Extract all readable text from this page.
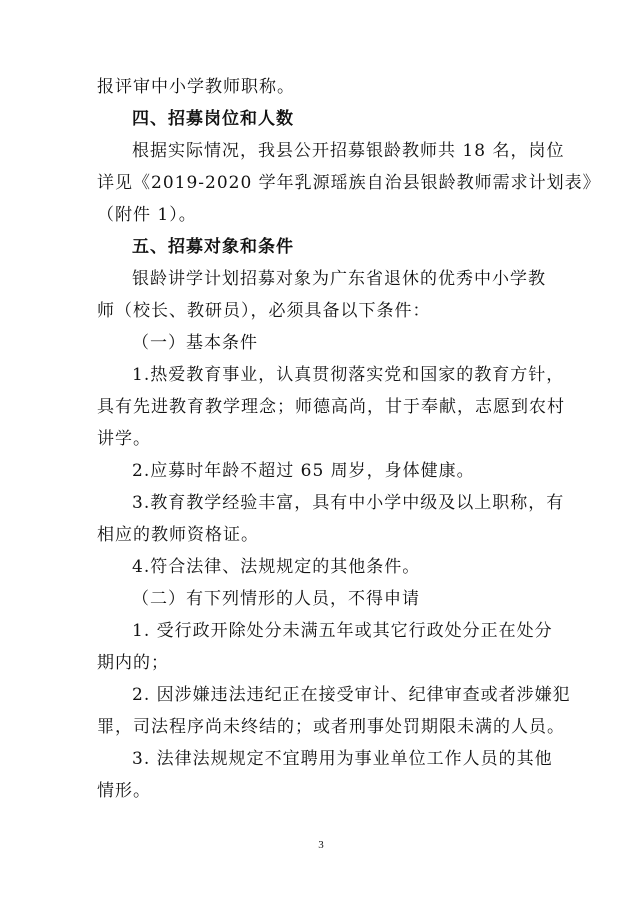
报评审中小学教师职称。
四、招募岗位和人数
根据实际情况，我县公开招募银龄教师共 18 名，岗位
详见《2019-2020 学年乳源瑶族自治县银龄教师需求计划表》
（附件 1）。
五、招募对象和条件
银龄讲学计划招募对象为广东省退休的优秀中小学教
师（校长、教研员），必须具备以下条件：
（一）基本条件
1.热爱教育事业，认真贯彻落实党和国家的教育方针，
具有先进教育教学理念；师德高尚，甘于奉献，志愿到农村
讲学。
2.应募时年龄不超过 65 周岁，身体健康。
3.教育教学经验丰富，具有中小学中级及以上职称，有
相应的教师资格证。
4.符合法律、法规规定的其他条件。
（二）有下列情形的人员，不得申请
1. 受行政开除处分未满五年或其它行政处分正在处分
期内的；
2. 因涉嫌违法违纪正在接受审计、纪律审查或者涉嫌犯
罪，司法程序尚未终结的；或者刑事处罚期限未满的人员。
3. 法律法规规定不宜聘用为事业单位工作人员的其他
情形。
3
